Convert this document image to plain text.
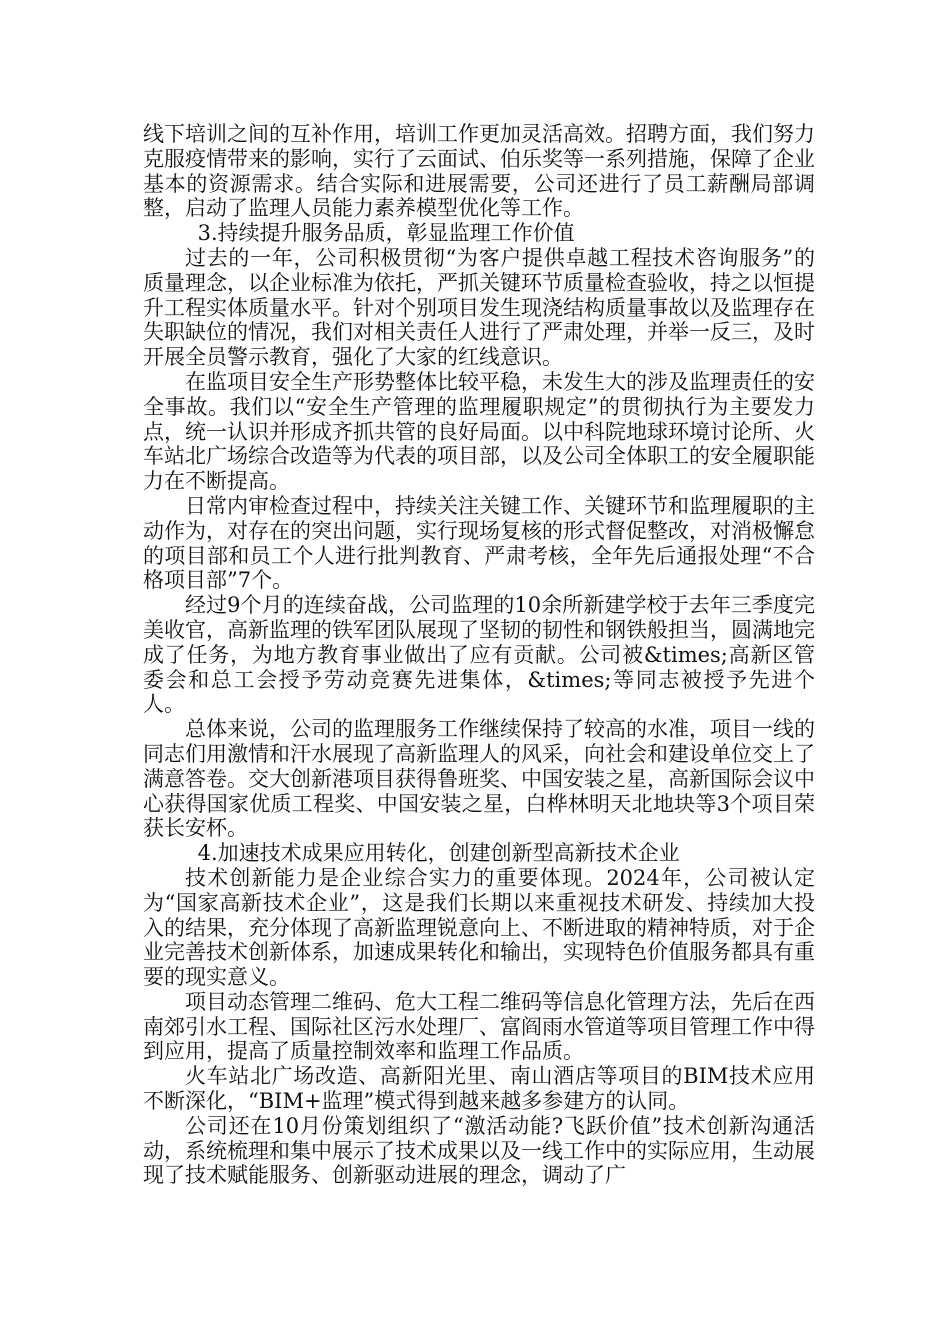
线下培训之间的互补作用，培训工作更加灵活高效。招聘方面，我们努力克服疫情带来的影响，实行了云面试、伯乐奖等一系列措施，保障了企业基本的资源需求。结合实际和进展需要，公司还进行了员工薪酬局部调整，启动了监理人员能力素养模型优化等工作。

3.持续提升服务品质，彰显监理工作价值

过去的一年，公司积极贯彻“为客户提供卓越工程技术咨询服务”的质量理念，以企业标准为依托，严抓关键环节质量检查验收，持之以恒提升工程实体质量水平。针对个别项目发生现浇结构质量事故以及监理存在失职缺位的情况，我们对相关责任人进行了严肃处理，并举一反三，及时开展全员警示教育，强化了大家的红线意识。

在监项目安全生产形势整体比较平稳，未发生大的涉及监理责任的安全事故。我们以“安全生产管理的监理履职规定”的贯彻执行为主要发力点，统一认识并形成齐抓共管的良好局面。以中科院地球环境讨论所、火车站北广场综合改造等为代表的项目部，以及公司全体职工的安全履职能力在不断提高。

日常内审检查过程中，持续关注关键工作、关键环节和监理履职的主动作为，对存在的突出问题，实行现场复核的形式督促整改，对消极懈怠的项目部和员工个人进行批判教育、严肃考核，全年先后通报处理“不合格项目部”7个。

经过9个月的连续奋战，公司监理的10余所新建学校于去年三季度完美收官，高新监理的铁军团队展现了坚韧的韧性和钢铁般担当，圆满地完成了任务，为地方教育事业做出了应有贡献。公司被&times;高新区管委会和总工会授予劳动竞赛先进集体，&times;等同志被授予先进个人。

总体来说，公司的监理服务工作继续保持了较高的水准，项目一线的同志们用激情和汗水展现了高新监理人的风采，向社会和建设单位交上了满意答卷。交大创新港项目获得鲁班奖、中国安装之星，高新国际会议中心获得国家优质工程奖、中国安装之星，白桦林明天北地块等3个项目荣获长安杯。

4.加速技术成果应用转化，创建创新型高新技术企业

技术创新能力是企业综合实力的重要体现。2024年，公司被认定为“国家高新技术企业”，这是我们长期以来重视技术研发、持续加大投入的结果，充分体现了高新监理锐意向上、不断进取的精神特质，对于企业完善技术创新体系，加速成果转化和输出，实现特色价值服务都具有重要的现实意义。

项目动态管理二维码、危大工程二维码等信息化管理方法，先后在西南郊引水工程、国际社区污水处理厂、富阎雨水管道等项目管理工作中得到应用，提高了质量控制效率和监理工作品质。

火车站北广场改造、高新阳光里、南山酒店等项目的BIM技术应用不断深化，“BIM+监理”模式得到越来越多参建方的认同。

公司还在10月份策划组织了“激活动能?飞跃价值”技术创新沟通活动，系统梳理和集中展示了技术成果以及一线工作中的实际应用，生动展现了技术赋能服务、创新驱动进展的理念，调动了广
